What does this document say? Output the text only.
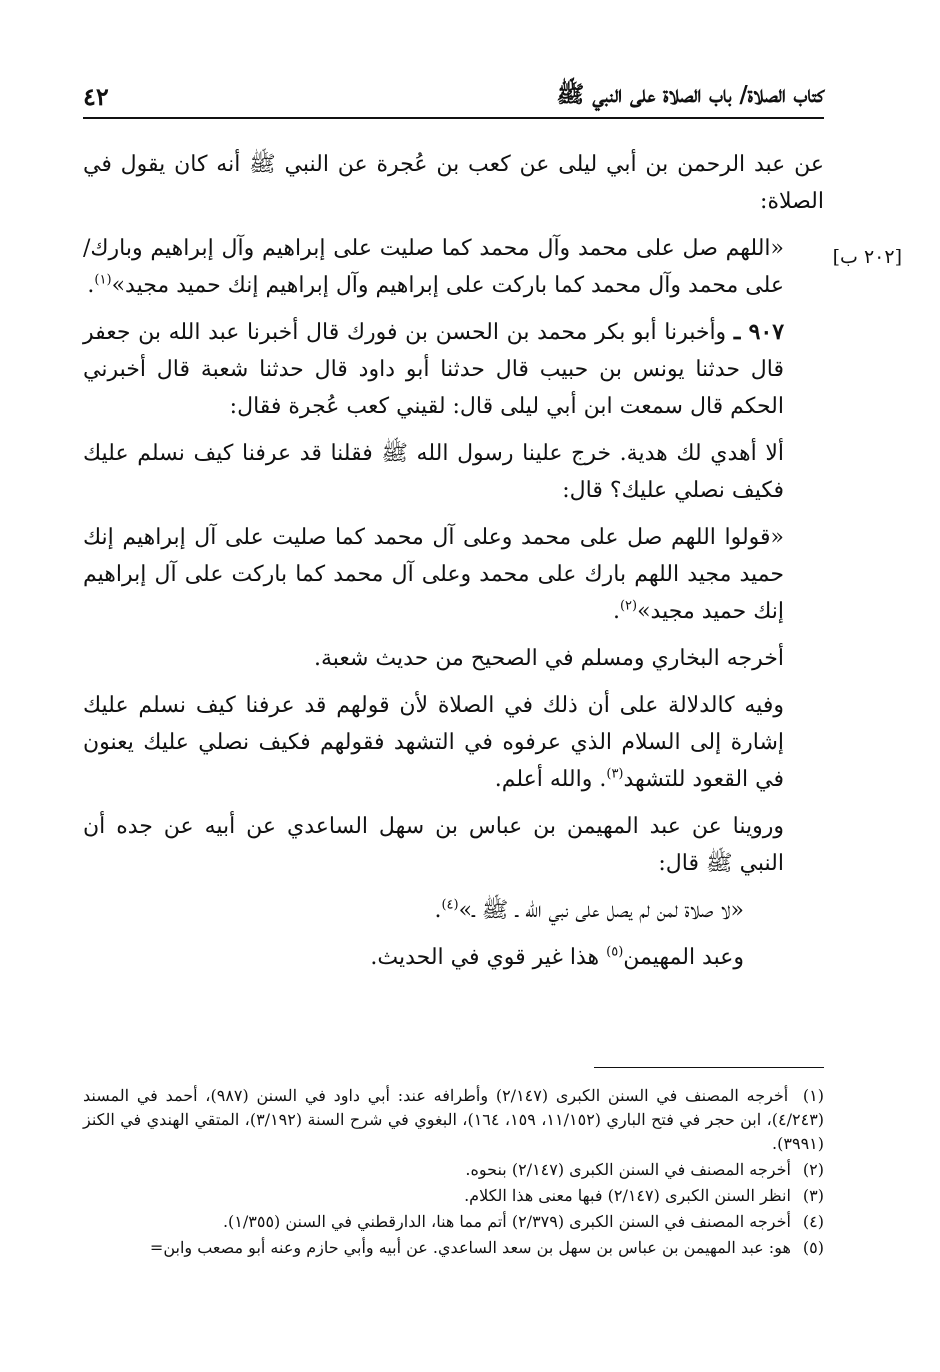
كتاب الصلاة/ باب الصلاة على النبي ﷺ
٤٢
[٢٠٢ ب]

عن عبد الرحمن بن أبي ليلى عن كعب بن عُجرة عن النبي ﷺ أنه كان يقول في الصلاة:

«اللهم صل على محمد وآل محمد كما صليت على إبراهيم وآل إبراهيم وبارك/ على محمد وآل محمد كما باركت على إبراهيم وآل إبراهيم إنك حميد مجيد»$^{(١)}$.

٩٠٧ ـ وأخبرنا أبو بكر محمد بن الحسن بن فورك قال أخبرنا عبد الله بن جعفر قال حدثنا يونس بن حبيب قال حدثنا أبو داود قال حدثنا شعبة قال أخبرني الحكم قال سمعت ابن أبي ليلى قال: لقيني كعب عُجرة فقال:

ألا أهدي لك هدية. خرج علينا رسول الله ﷺ فقلنا قد عرفنا كيف نسلم عليك فكيف نصلي عليك؟ قال:

«قولوا اللهم صل على محمد وعلى آل محمد كما صليت على آل إبراهيم إنك حميد مجيد اللهم بارك على محمد وعلى آل محمد كما باركت على آل إبراهيم إنك حميد مجيد»$^{(٢)}$.

أخرجه البخاري ومسلم في الصحيح من حديث شعبة.

وفيه كالدلالة على أن ذلك في الصلاة لأن قولهم قد عرفنا كيف نسلم عليك إشارة إلى السلام الذي عرفوه في التشهد فقولهم فكيف نصلي عليك يعنون في القعود للتشهد$^{(٣)}$. والله أعلم.

وروينا عن عبد المهيمن بن عباس بن سهل الساعدي عن أبيه عن جده أن النبي ﷺ قال:

«لا صلاة لمن لم يصل على نبي الله ـ ﷺ ـ»$^{(٤)}$.

وعبد المهيمن$^{(٥)}$ هذا غير قوي في الحديث.

(١) أخرجه المصنف في السنن الكبرى (٢/١٤٧) وأطرافه عند: أبي داود في السنن (٩٨٧)، أحمد في المسند (٤/٢٤٣)، ابن حجر في فتح الباري (١١/١٥٢، ١٥٩، ١٦٤)، البغوي في شرح السنة (٣/١٩٢)، المتقي الهندي في الكنز (٣٩٩١).

(٢) أخرجه المصنف في السنن الكبرى (٢/١٤٧) بنحوه.

(٣) انظر السنن الكبرى (٢/١٤٧) فبها معنى هذا الكلام.

(٤) أخرجه المصنف في السنن الكبرى (٢/٣٧٩) أتم مما هنا، الدارقطني في السنن (١/٣٥٥).

(٥) هو: عبد المهيمن بن عباس بن سهل بن سعد الساعدي. عن أبيه وأبي حازم وعنه أبو مصعب وابن=
